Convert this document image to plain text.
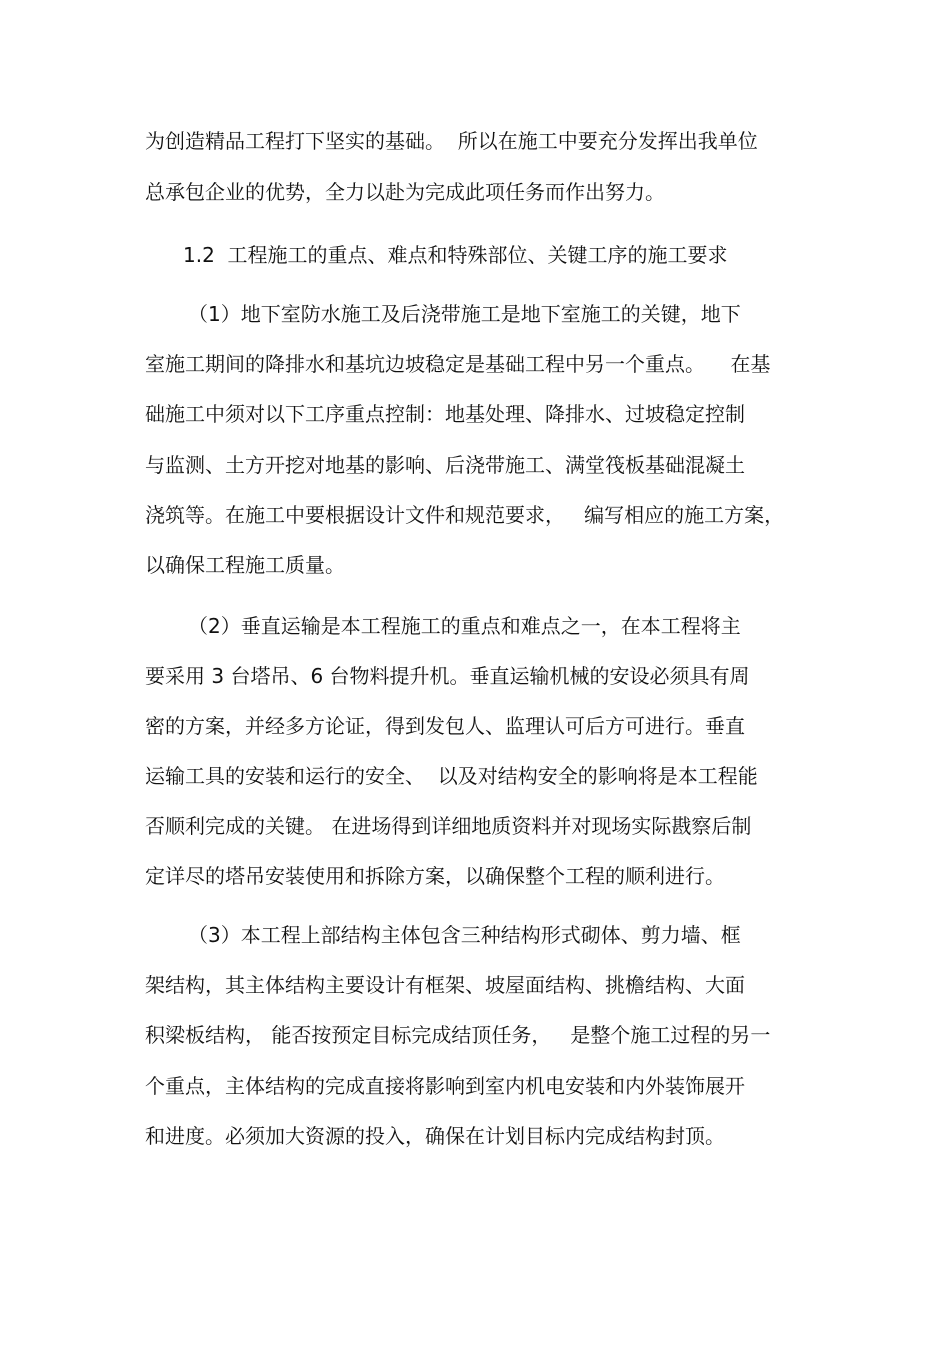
为创造精品工程打下坚实的基础。  所以在施工中要充分发挥出我单位
总承包企业的优势，全力以赴为完成此项任务而作出努力。
1.2  工程施工的重点、难点和特殊部位、关键工序的施工要求
（1）地下室防水施工及后浇带施工是地下室施工的关键，地下
室施工期间的降排水和基坑边坡稳定是基础工程中另一个重点。    在基
础施工中须对以下工序重点控制：地基处理、降排水、过坡稳定控制
与监测、土方开挖对地基的影响、后浇带施工、满堂筏板基础混凝土
浇筑等。在施工中要根据设计文件和规范要求，   编写相应的施工方案，
以确保工程施工质量。
（2）垂直运输是本工程施工的重点和难点之一，在本工程将主
要采用 3 台塔吊、6 台物料提升机。垂直运输机械的安设必须具有周
密的方案，并经多方论证，得到发包人、监理认可后方可进行。垂直
运输工具的安装和运行的安全、  以及对结构安全的影响将是本工程能
否顺利完成的关键。 在进场得到详细地质资料并对现场实际戡察后制
定详尽的塔吊安装使用和拆除方案，以确保整个工程的顺利进行。
（3）本工程上部结构主体包含三种结构形式砌体、剪力墙、框
架结构，其主体结构主要设计有框架、坡屋面结构、挑檐结构、大面
积梁板结构， 能否按预定目标完成结顶任务，   是整个施工过程的另一
个重点，主体结构的完成直接将影响到室内机电安装和内外装饰展开
和进度。必须加大资源的投入，确保在计划目标内完成结构封顶。
